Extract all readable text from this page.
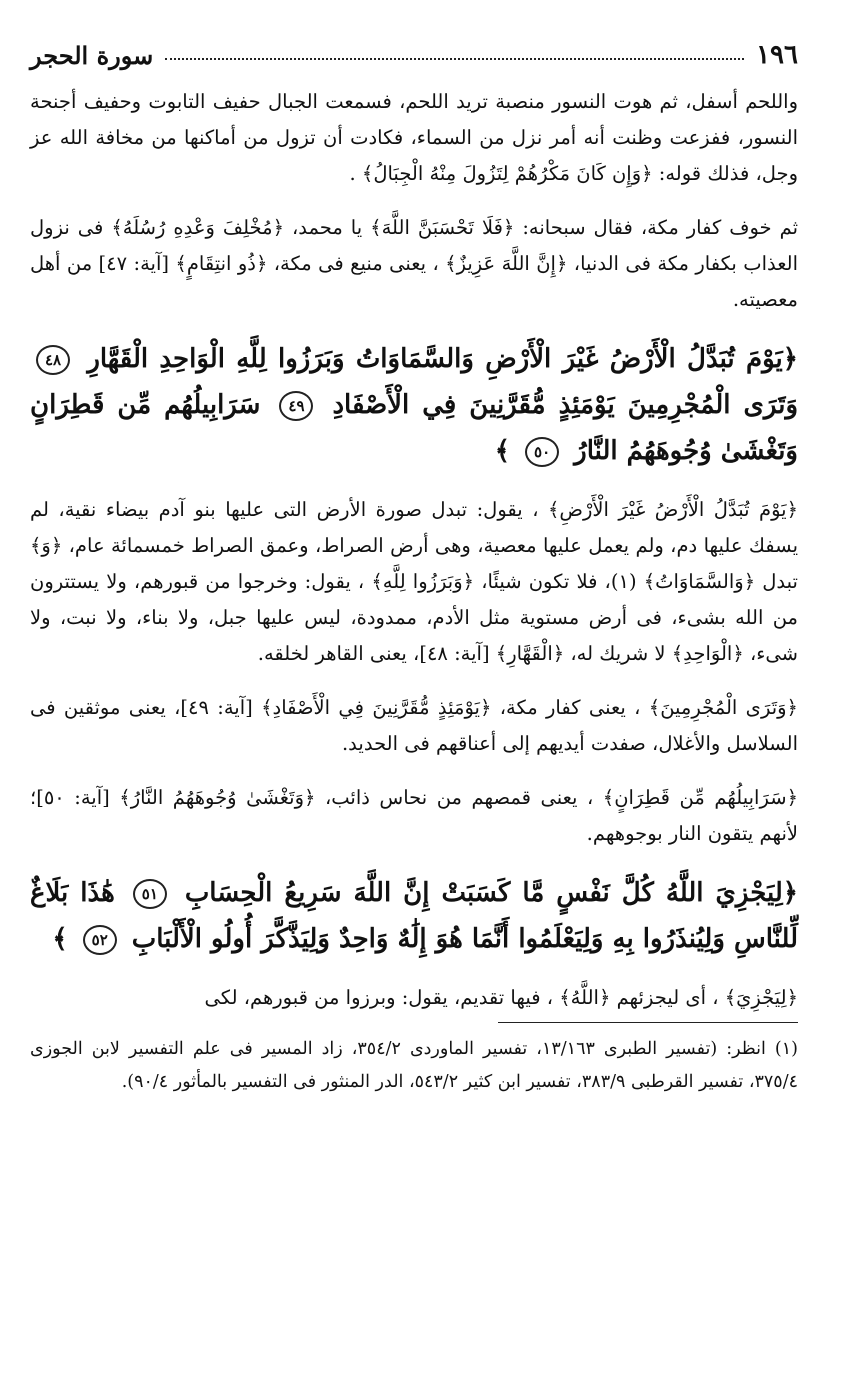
١٩٦
سورة الحجر

واللحم أسفل، ثم هوت النسور منصبة تريد اللحم، فسمعت الجبال حفيف التابوت وحفيف أجنحة النسور، ففزعت وظنت أنه أمر نزل من السماء، فكادت أن تزول من أماكنها من مخافة الله عز وجل، فذلك قوله: ﴿وَإِن كَانَ مَكْرُهُمْ لِتَزُولَ مِنْهُ الْجِبَالُ﴾ .

ثم خوف كفار مكة، فقال سبحانه: ﴿فَلَا تَحْسَبَنَّ اللَّهَ﴾ يا محمد، ﴿مُخْلِفَ وَعْدِهِ رُسُلَهُ﴾ فى نزول العذاب بكفار مكة فى الدنيا، ﴿إِنَّ اللَّهَ عَزِيزٌ﴾ ، يعنى منيع فى مكة، ﴿ذُو انتِقَامٍ﴾ [آية: ٤٧] من أهل معصيته.

﴿يَوْمَ تُبَدَّلُ الْأَرْضُ غَيْرَ الْأَرْضِ وَالسَّمَاوَاتُ وَبَرَزُوا لِلَّهِ الْوَاحِدِ الْقَهَّارِ ٤٨ وَتَرَى الْمُجْرِمِينَ يَوْمَئِذٍ مُّقَرَّنِينَ فِي الْأَصْفَادِ ٤٩ سَرَابِيلُهُم مِّن قَطِرَانٍ وَتَغْشَىٰ وُجُوهَهُمُ النَّارُ ٥٠ ﴾

﴿يَوْمَ تُبَدَّلُ الْأَرْضُ غَيْرَ الْأَرْضِ﴾ ، يقول: تبدل صورة الأرض التى عليها بنو آدم بيضاء نقية، لم يسفك عليها دم، ولم يعمل عليها معصية، وهى أرض الصراط، وعمق الصراط خمسمائة عام، ﴿وَ﴾ تبدل ﴿وَالسَّمَاوَاتُ﴾ (١)، فلا تكون شيئًا، ﴿وَبَرَزُوا لِلَّهِ﴾ ، يقول: وخرجوا من قبورهم، ولا يستترون من الله بشىء، فى أرض مستوية مثل الأدم، ممدودة، ليس عليها جبل، ولا بناء، ولا نبت، ولا شىء، ﴿الْوَاحِدِ﴾ لا شريك له، ﴿الْقَهَّارِ﴾ [آية: ٤٨]، يعنى القاهر لخلقه.

﴿وَتَرَى الْمُجْرِمِينَ﴾ ، يعنى كفار مكة، ﴿يَوْمَئِذٍ مُّقَرَّنِينَ فِي الْأَصْفَادِ﴾ [آية: ٤٩]، يعنى موثقين فى السلاسل والأغلال، صفدت أيديهم إلى أعناقهم فى الحديد.

﴿سَرَابِيلُهُم مِّن قَطِرَانٍ﴾ ، يعنى قمصهم من نحاس ذائب، ﴿وَتَغْشَىٰ وُجُوهَهُمُ النَّارُ﴾ [آية: ٥٠]؛ لأنهم يتقون النار بوجوههم.

﴿لِيَجْزِيَ اللَّهُ كُلَّ نَفْسٍ مَّا كَسَبَتْ إِنَّ اللَّهَ سَرِيعُ الْحِسَابِ ٥١ هَٰذَا بَلَاغٌ لِّلنَّاسِ وَلِيُنذَرُوا بِهِ وَلِيَعْلَمُوا أَنَّمَا هُوَ إِلَٰهٌ وَاحِدٌ وَلِيَذَّكَّرَ أُولُو الْأَلْبَابِ ٥٢ ﴾

﴿لِيَجْزِيَ﴾ ، أى ليجزئهم ﴿اللَّهُ﴾ ، فيها تقديم، يقول: وبرزوا من قبورهم، لكى

(١) انظر: (تفسير الطبرى ١٣/١٦٣، تفسير الماوردى ٣٥٤/٢، زاد المسير فى علم التفسير لابن الجوزى ٣٧٥/٤، تفسير القرطبى ٣٨٣/٩، تفسير ابن كثير ٥٤٣/٢، الدر المنثور فى التفسير بالمأثور ٩٠/٤).
